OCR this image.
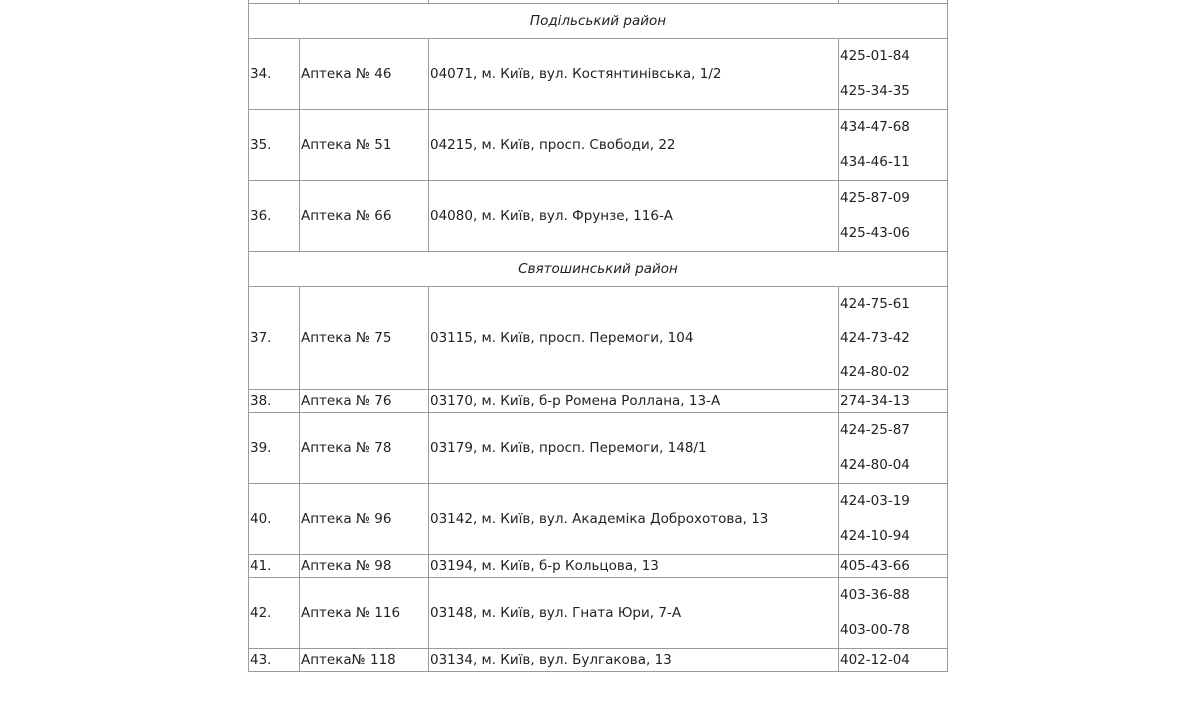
Подільський район			
34.	Аптека № 46	04071, м. Київ, вул. Костянтинівська, 1/2	425-01-84
425-34-35

35.	Аптека № 51	04215, м. Київ, просп. Свободи, 22	434-47-68
434-46-11

36.	Аптека № 66	04080, м. Київ, вул. Фрунзе, 116-А	425-87-09
425-43-06

Святошинський район			
37.	Аптека № 75	03115, м. Київ, просп. Перемоги, 104	424-75-61
424-73-42
424-80-02

38.	Аптека № 76	03170, м. Київ, б-р Ромена Роллана, 13-А	274-34-13

39.	Аптека № 78	03179, м. Київ, просп. Перемоги, 148/1	424-25-87
424-80-04

40.	Аптека № 96	03142, м. Київ, вул. Академіка Доброхотова, 13	424-03-19
424-10-94

41.	Аптека № 98	03194, м. Київ, б-р Кольцова, 13	405-43-66

42.	Аптека № 116	03148, м. Київ, вул. Гната Юри, 7-А	403-36-88
403-00-78

43.	Аптека№ 118	03134, м. Київ, вул. Булгакова, 13	402-12-04
